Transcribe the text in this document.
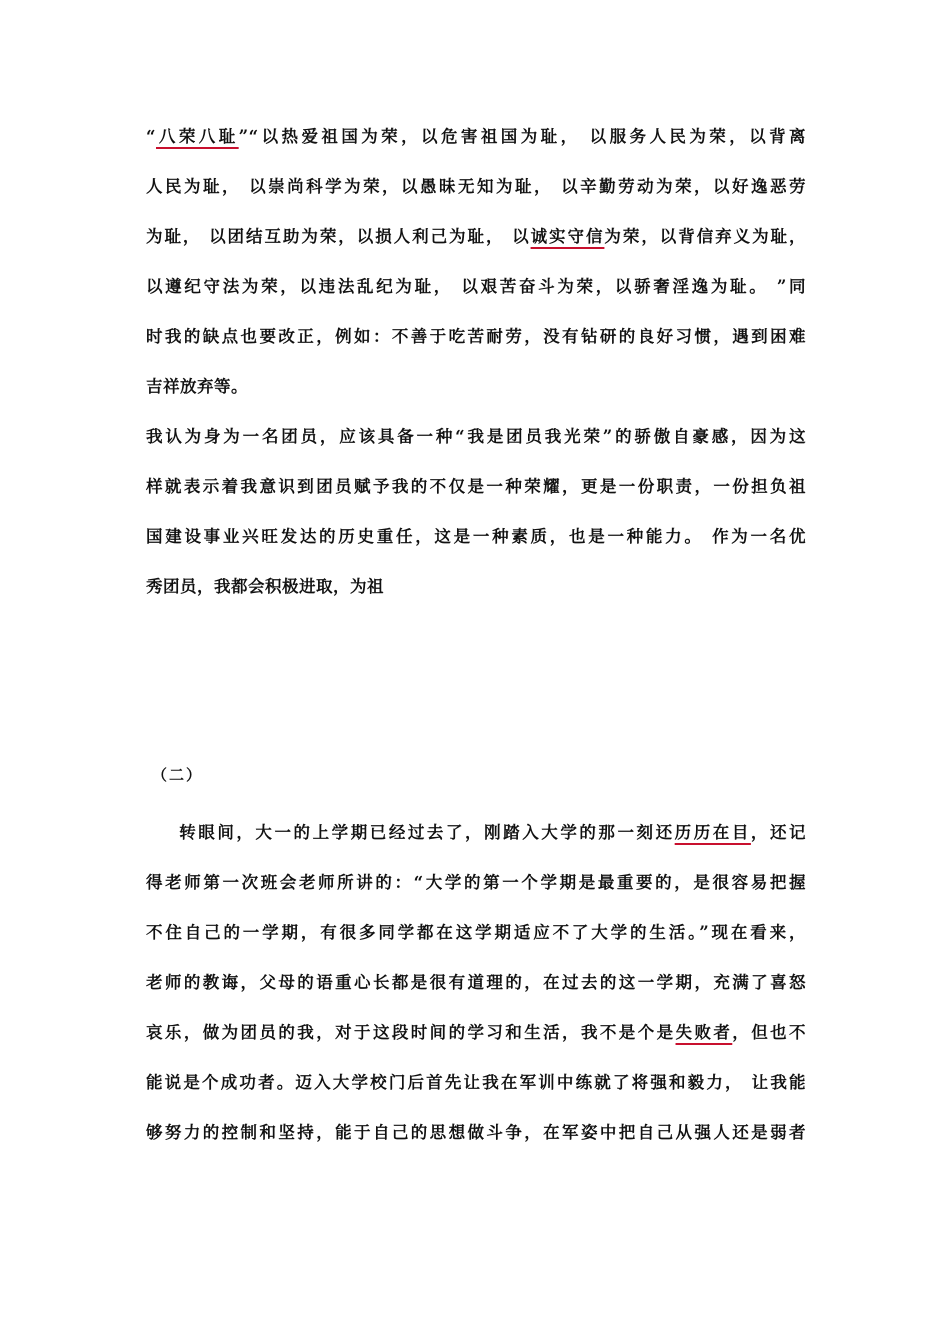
“八荣八耻”“以热爱祖国为荣，以危害祖国为耻， 以服务人民为荣，以背离
人民为耻， 以崇尚科学为荣，以愚昧无知为耻， 以辛勤劳动为荣，以好逸恶劳
为耻， 以团结互助为荣，以损人利己为耻， 以诚实守信为荣，以背信弃义为耻，
以遵纪守法为荣，以违法乱纪为耻， 以艰苦奋斗为荣，以骄奢淫逸为耻。 ”同
时我的缺点也要改正，例如：不善于吃苦耐劳，没有钻研的良好习惯，遇到困难
吉祥放弃等。
我认为身为一名团员，应该具备一种“我是团员我光荣”的骄傲自豪感，因为这
样就表示着我意识到团员赋予我的不仅是一种荣耀，更是一份职责，一份担负祖
国建设事业兴旺发达的历史重任，这是一种素质，也是一种能力。 作为一名优
秀团员，我都会积极进取，为祖
（二）
转眼间，大一的上学期已经过去了，刚踏入大学的那一刻还历历在目，还记
得老师第一次班会老师所讲的：“大学的第一个学期是最重要的，是很容易把握
不住自己的一学期，有很多同学都在这学期适应不了大学的生活。”现在看来，
老师的教诲，父母的语重心长都是很有道理的，在过去的这一学期，充满了喜怒
哀乐，做为团员的我，对于这段时间的学习和生活，我不是个是失败者，但也不
能说是个成功者。迈入大学校门后首先让我在军训中练就了将强和毅力， 让我能
够努力的控制和坚持，能于自己的思想做斗争，在军姿中把自己从强人还是弱者
